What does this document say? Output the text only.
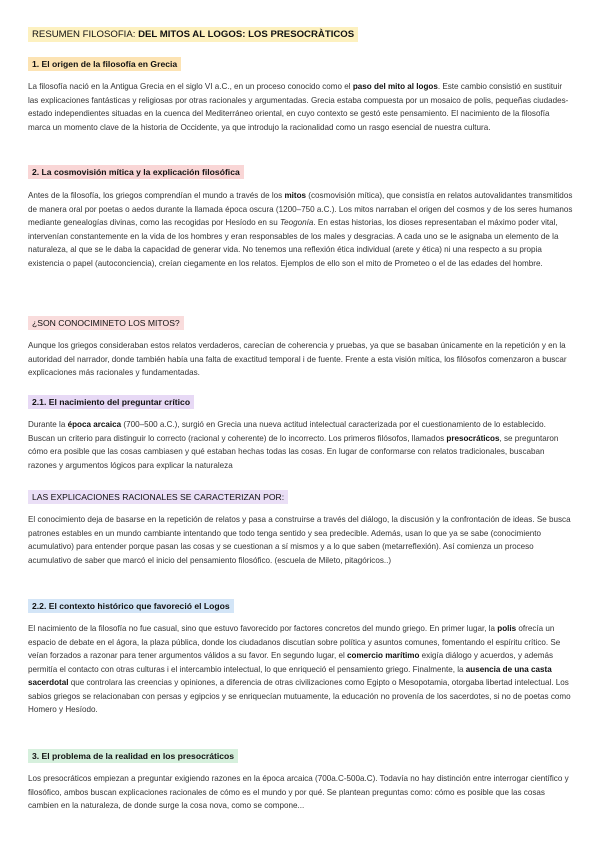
RESUMEN FILOSOFIA: DEL MITOS AL LOGOS: LOS PRESOCRÀTICOS
1. El origen de la filosofía en Grecia
La filosofía nació en la Antigua Grecia en el siglo VI a.C., en un proceso conocido como el paso del mito al logos. Este cambio consistió en sustituir las explicaciones fantásticas y religiosas por otras racionales y argumentadas. Grecia estaba compuesta por un mosaico de polis, pequeñas ciudades-estado independientes situadas en la cuenca del Mediterráneo oriental, en cuyo contexto se gestó este pensamiento. El nacimiento de la filosofía marca un momento clave de la historia de Occidente, ya que introdujo la racionalidad como un rasgo esencial de nuestra cultura.
2. La cosmovisión mítica y la explicación filosófica
Antes de la filosofía, los griegos comprendían el mundo a través de los mitos (cosmovisión mítica), que consistía en relatos autovalidantes transmitidos de manera oral por poetas o aedos durante la llamada época oscura (1200–750 a.C.). Los mitos narraban el origen del cosmos y de los seres humanos mediante genealogías divinas, como las recogidas por Hesíodo en su Teogonía. En estas historias, los dioses representaban el máximo poder vital, intervenían constantemente en la vida de los hombres y eran responsables de los males y desgracias. A cada uno se le asignaba un elemento de la naturaleza, al que se le daba la capacidad de generar vida. No tenemos una reflexión ética individual (arete y ética) ni una respecto a su propia existencia o papel (autoconciencia), creían ciegamente en los relatos. Ejemplos de ello son el mito de Prometeo o el de las edades del hombre.
¿SON CONOCIMINETO LOS MITOS?
Aunque los griegos consideraban estos relatos verdaderos, carecían de coherencia y pruebas, ya que se basaban únicamente en la repetición y en la autoridad del narrador, donde también había una falta de exactitud temporal i de fuente. Frente a esta visión mítica, los filósofos comenzaron a buscar explicaciones más racionales y fundamentadas.
2.1. El nacimiento del preguntar crítico
Durante la época arcaica (700–500 a.C.), surgió en Grecia una nueva actitud intelectual caracterizada por el cuestionamiento de lo establecido. Buscan un criterio para distinguir lo correcto (racional y coherente) de lo incorrecto. Los primeros filósofos, llamados presocráticos, se preguntaron cómo era posible que las cosas cambiasen y qué estaban hechas todas las cosas. En lugar de conformarse con relatos tradicionales, buscaban razones y argumentos lógicos para explicar la naturaleza
LAS EXPLICACIONES RACIONALES SE CARACTERIZAN POR:
El conocimiento deja de basarse en la repetición de relatos y pasa a construirse a través del diálogo, la discusión y la confrontación de ideas. Se busca patrones estables en un mundo cambiante intentando que todo tenga sentido y sea predecible. Además, usan lo que ya se sabe (conocimiento acumulativo) para entender porque pasan las cosas y se cuestionan a sí mismos y a lo que saben (metarreflexión). Así comienza un proceso acumulativo de saber que marcó el inicio del pensamiento filosófico. (escuela de Mileto, pitagóricos..)
2.2. El contexto histórico que favoreció el Logos
El nacimiento de la filosofía no fue casual, sino que estuvo favorecido por factores concretos del mundo griego. En primer lugar, la polis ofrecía un espacio de debate en el ágora, la plaza pública, donde los ciudadanos discutían sobre política y asuntos comunes, fomentando el espíritu crítico. Se veían forzados a razonar para tener argumentos válidos a su favor. En segundo lugar, el comercio marítimo exigía diálogo y acuerdos, y además permitía el contacto con otras culturas i el intercambio intelectual, lo que enriqueció el pensamiento griego. Finalmente, la ausencia de una casta sacerdotal que controlara las creencias y opiniones, a diferencia de otras civilizaciones como Egipto o Mesopotamia, otorgaba libertad intelectual. Los sabios griegos se relacionaban con persas y egipcios y se enriquecían mutuamente, la educación no provenía de los sacerdotes, si no de poetas como Homero y Hesíodo.
3. El problema de la realidad en los presocráticos
Los presocráticos empiezan a preguntar exigiendo razones en la época arcaica (700a.C-500a.C). Todavía no hay distinción entre interrogar científico y filosófico, ambos buscan explicaciones racionales de cómo es el mundo y por qué. Se plantean preguntas como: cómo es posible que las cosas cambien en la naturaleza, de donde surge la cosa nova, como se compone...
